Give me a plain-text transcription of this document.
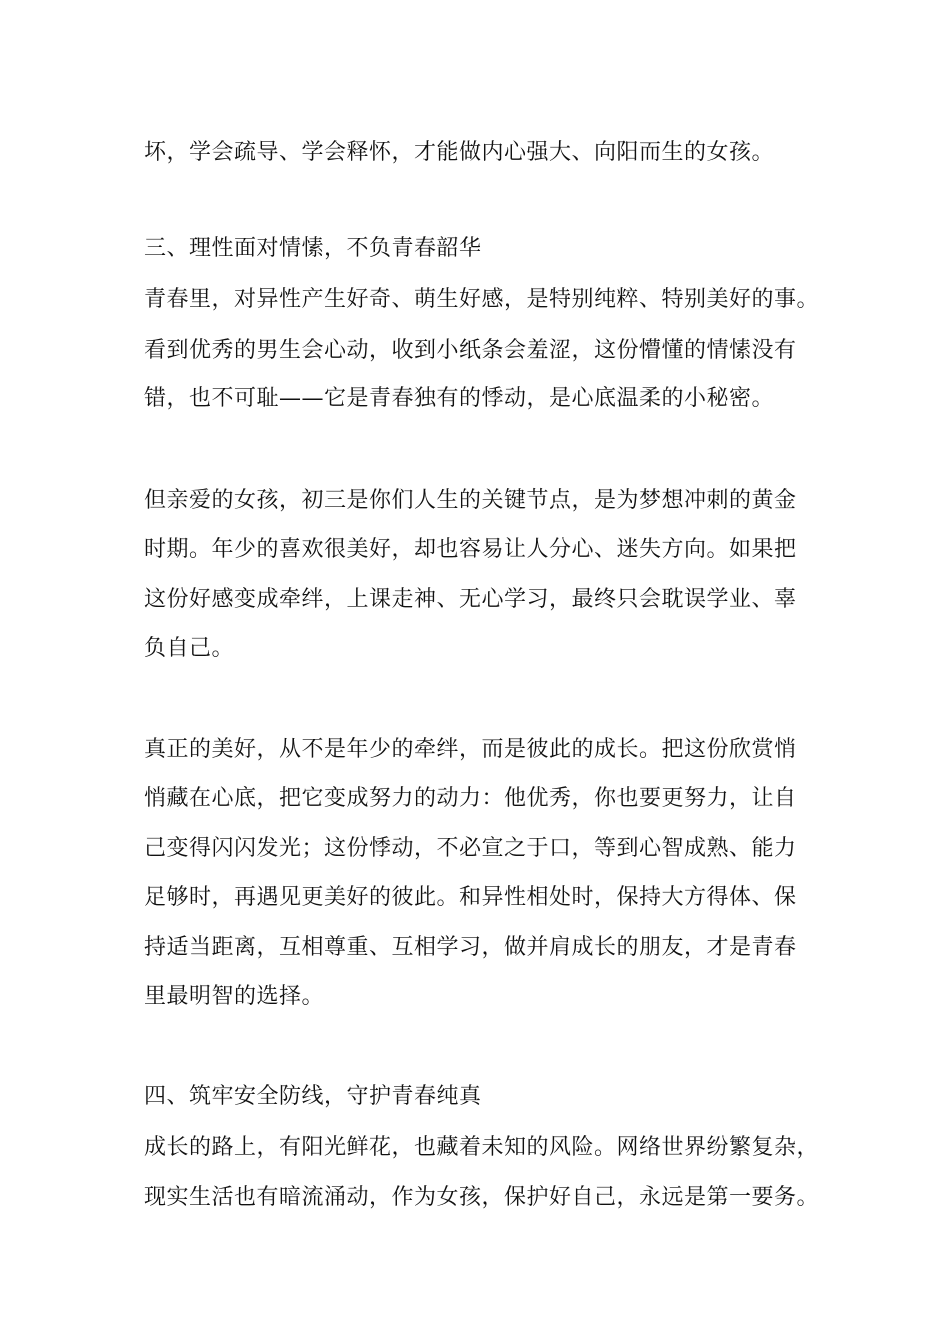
坏，学会疏导、学会释怀，才能做内心强大、向阳而生的女孩。

三、理性面对情愫，不负青春韶华

青春里，对异性产生好奇、萌生好感，是特别纯粹、特别美好的事。

看到优秀的男生会心动，收到小纸条会羞涩，这份懵懂的情愫没有

错，也不可耻——它是青春独有的悸动，是心底温柔的小秘密。

但亲爱的女孩，初三是你们人生的关键节点，是为梦想冲刺的黄金

时期。年少的喜欢很美好，却也容易让人分心、迷失方向。如果把

这份好感变成牵绊，上课走神、无心学习，最终只会耽误学业、辜

负自己。

真正的美好，从不是年少的牵绊，而是彼此的成长。把这份欣赏悄

悄藏在心底，把它变成努力的动力：他优秀，你也要更努力，让自

己变得闪闪发光；这份悸动，不必宣之于口，等到心智成熟、能力

足够时，再遇见更美好的彼此。和异性相处时，保持大方得体、保

持适当距离，互相尊重、互相学习，做并肩成长的朋友，才是青春

里最明智的选择。

四、筑牢安全防线，守护青春纯真

成长的路上，有阳光鲜花，也藏着未知的风险。网络世界纷繁复杂，

现实生活也有暗流涌动，作为女孩，保护好自己，永远是第一要务。
